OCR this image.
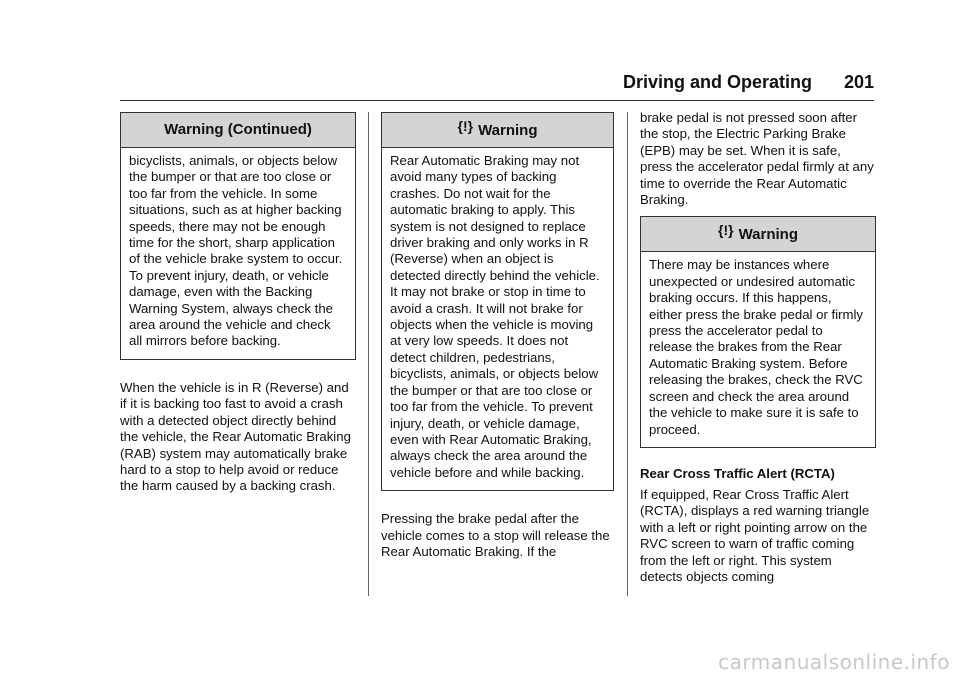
Driving and Operating 201
Warning (Continued)

bicyclists, animals, or objects below the bumper or that are too close or too far from the vehicle. In some situations, such as at higher backing speeds, there may not be enough time for the short, sharp application of the vehicle brake system to occur. To prevent injury, death, or vehicle damage, even with the Backing Warning System, always check the area around the vehicle and check all mirrors before backing.

When the vehicle is in R (Reverse) and if it is backing too fast to avoid a crash with a detected object directly behind the vehicle, the Rear Automatic Braking (RAB) system may automatically brake hard to a stop to help avoid or reduce the harm caused by a backing crash.

{!} Warning

Rear Automatic Braking may not avoid many types of backing crashes. Do not wait for the automatic braking to apply. This system is not designed to replace driver braking and only works in R (Reverse) when an object is detected directly behind the vehicle. It may not brake or stop in time to avoid a crash. It will not brake for objects when the vehicle is moving at very low speeds. It does not detect children, pedestrians, bicyclists, animals, or objects below the bumper or that are too close or too far from the vehicle. To prevent injury, death, or vehicle damage, even with Rear Automatic Braking, always check the area around the vehicle before and while backing.

Pressing the brake pedal after the vehicle comes to a stop will release the Rear Automatic Braking. If the

brake pedal is not pressed soon after the stop, the Electric Parking Brake (EPB) may be set. When it is safe, press the accelerator pedal firmly at any time to override the Rear Automatic Braking.

{!} Warning

There may be instances where unexpected or undesired automatic braking occurs. If this happens, either press the brake pedal or firmly press the accelerator pedal to release the brakes from the Rear Automatic Braking system. Before releasing the brakes, check the RVC screen and check the area around the vehicle to make sure it is safe to proceed.

Rear Cross Traffic Alert (RCTA)

If equipped, Rear Cross Traffic Alert (RCTA), displays a red warning triangle with a left or right pointing arrow on the RVC screen to warn of traffic coming from the left or right. This system detects objects coming

carmanualsonline.info
